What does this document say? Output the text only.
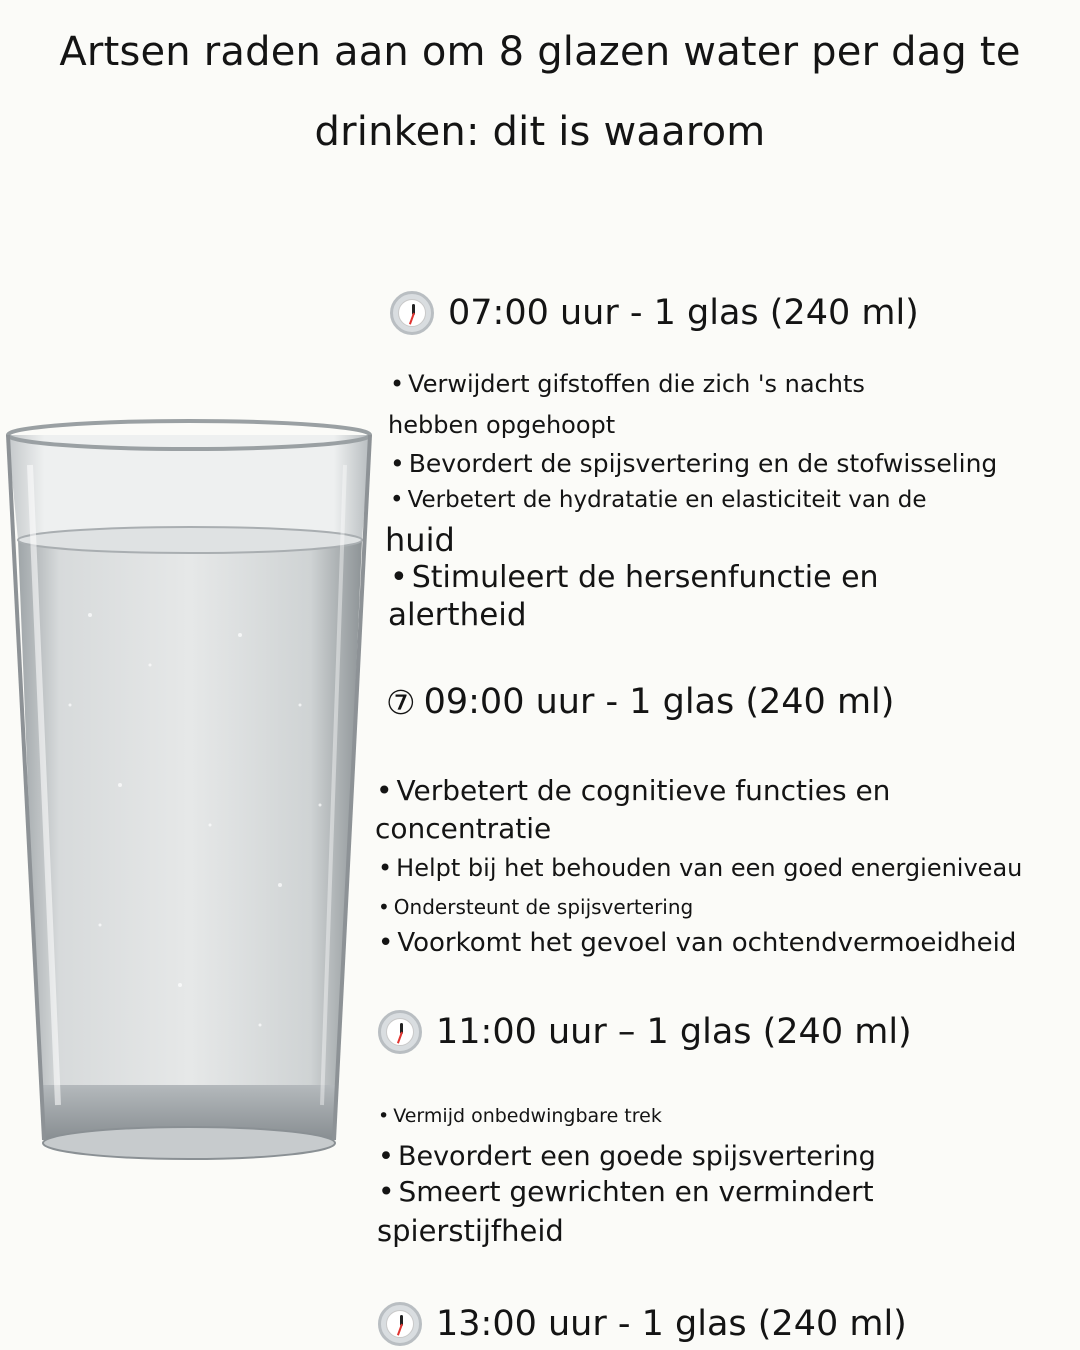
Artsen raden aan om 8 glazen water per dag te
drinken: dit is waarom
07:00 uur - 1 glas (240 ml)

• Verwijdert gifstoffen die zich 's nachts

hebben opgehoopt

• Bevordert de spijsvertering en de stofwisseling

• Verbetert de hydratatie en elasticiteit van de

huid

• Stimuleert de hersenfunctie en

alertheid

⑦ 09:00 uur - 1 glas (240 ml)

• Verbetert de cognitieve functies en

concentratie

• Helpt bij het behouden van een goed energieniveau

• Ondersteunt de spijsvertering

• Voorkomt het gevoel van ochtendvermoeidheid

11:00 uur – 1 glas (240 ml)

• Vermijd onbedwingbare trek

• Bevordert een goede spijsvertering

• Smeert gewrichten en vermindert

spierstijfheid

13:00 uur - 1 glas (240 ml)
